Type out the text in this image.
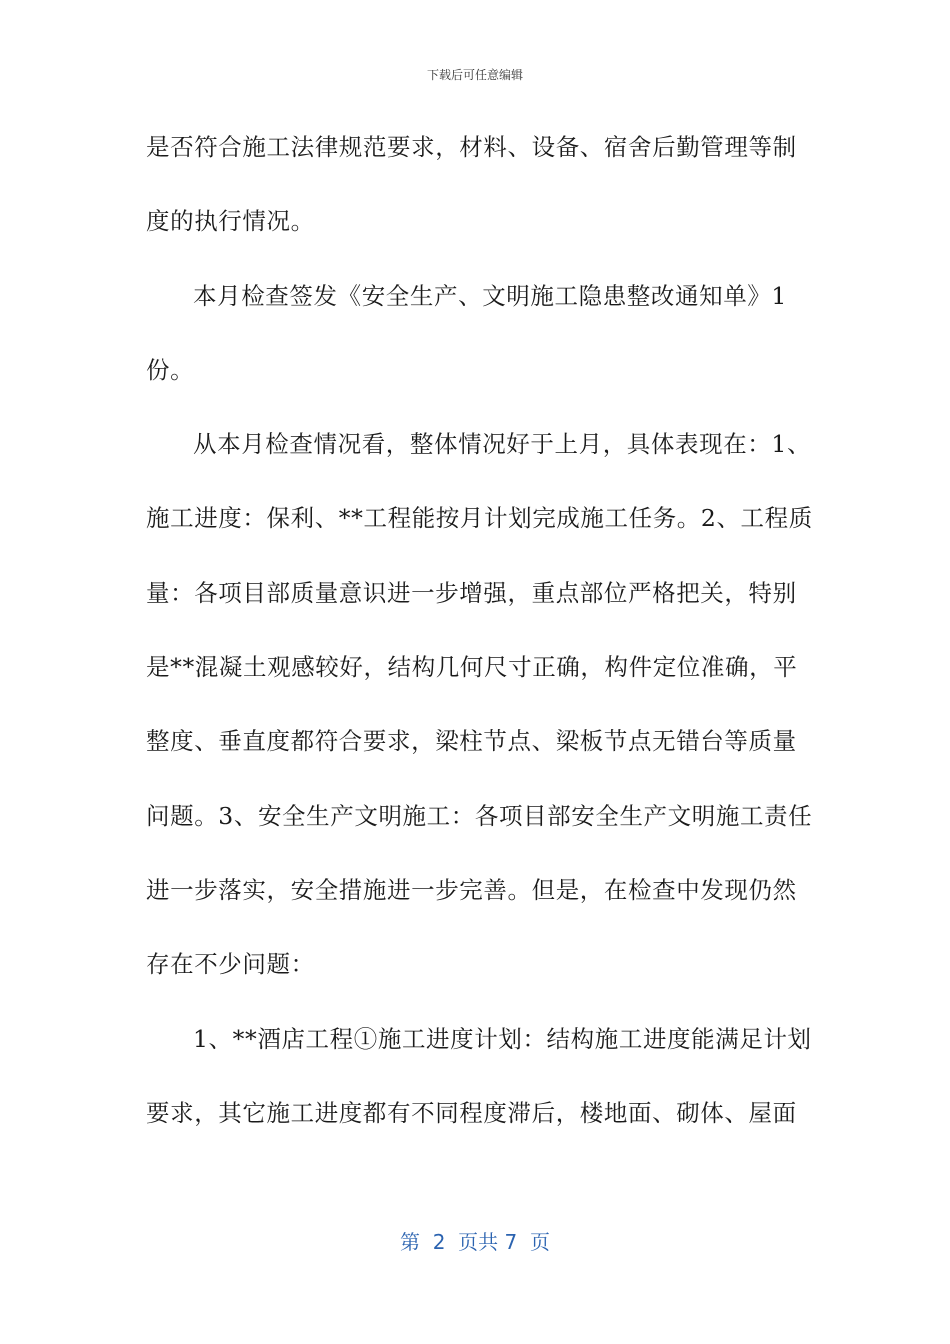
下载后可任意编辑
是否符合施工法律规范要求，材料、设备、宿舍后勤管理等制
度的执行情况。
本月检查签发《安全生产、文明施工隐患整改通知单》1
份。
从本月检查情况看，整体情况好于上月，具体表现在：1、
施工进度：保利、**工程能按月计划完成施工任务。2、工程质
量：各项目部质量意识进一步增强，重点部位严格把关，特别
是**混凝土观感较好，结构几何尺寸正确，构件定位准确，平
整度、垂直度都符合要求，梁柱节点、梁板节点无错台等质量
问题。3、安全生产文明施工：各项目部安全生产文明施工责任
进一步落实，安全措施进一步完善。但是，在检查中发现仍然
存在不少问题：
1、**酒店工程①施工进度计划：结构施工进度能满足计划
要求，其它施工进度都有不同程度滞后，楼地面、砌体、屋面
第  2  页共 7  页
